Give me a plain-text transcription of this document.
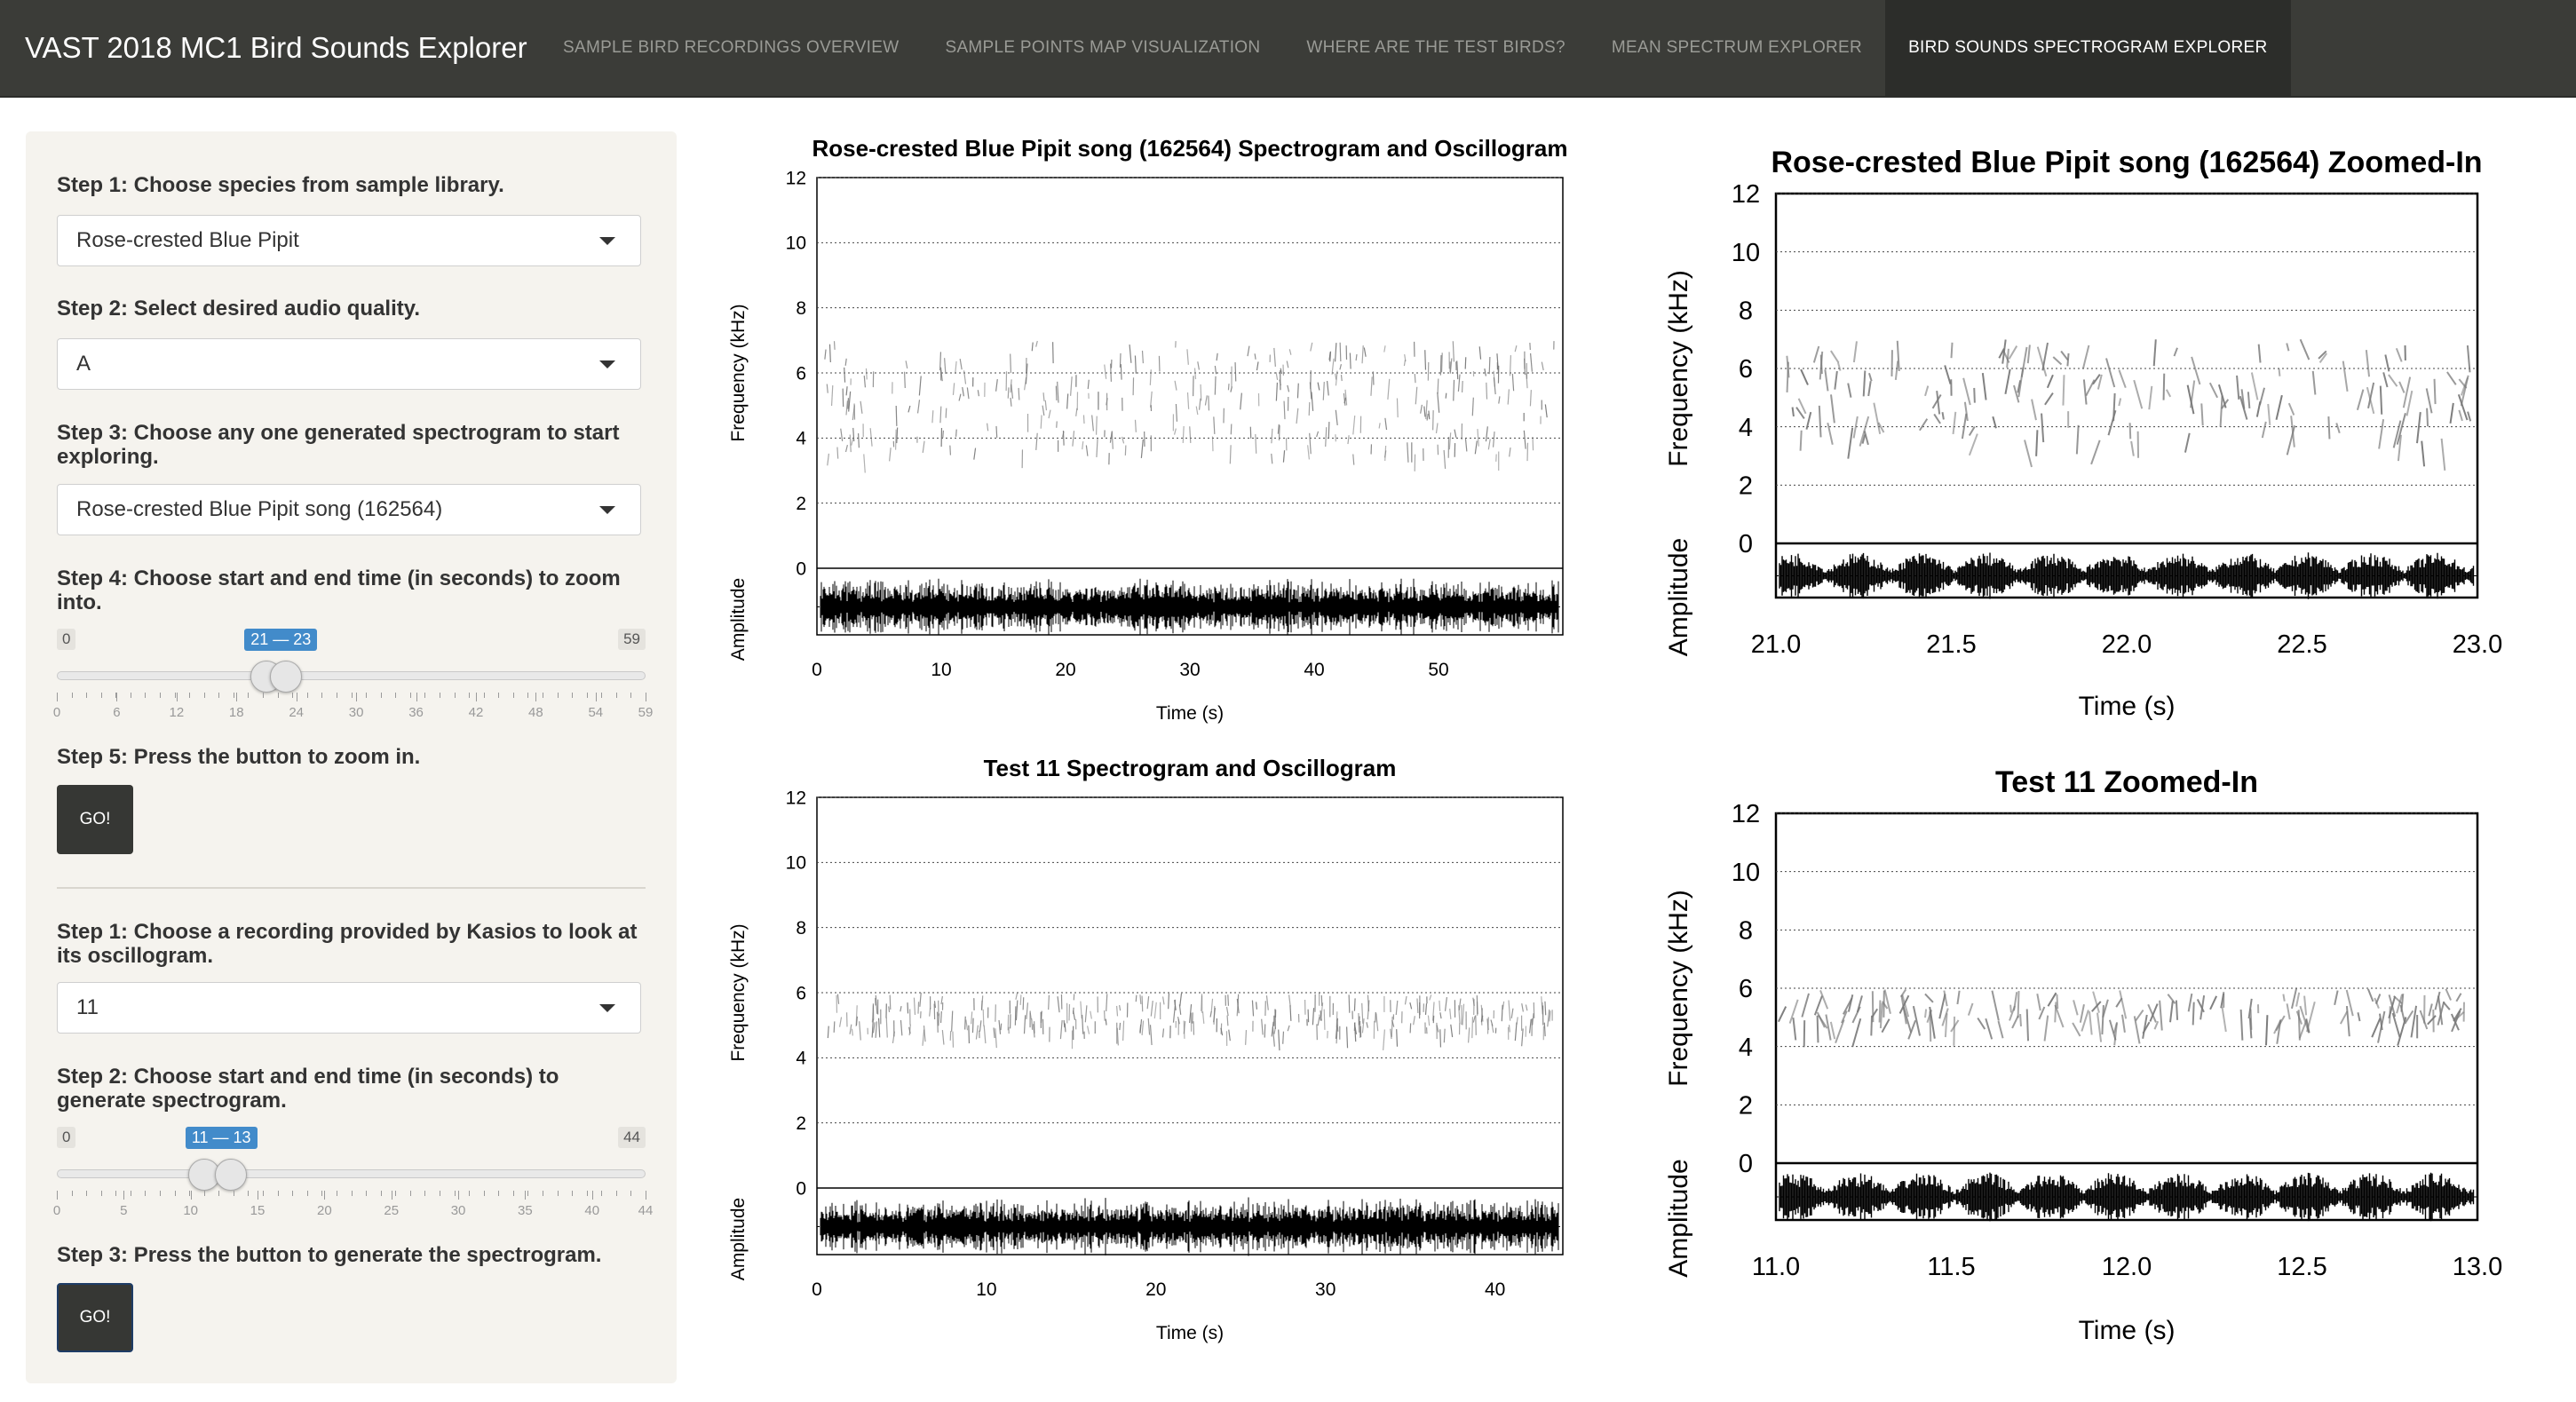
VAST 2018 MC1 Bird Sounds Explorer	SAMPLE BIRD RECORDINGS OVERVIEW	SAMPLE POINTS MAP VISUALIZATION	WHERE ARE THE TEST BIRDS?	MEAN SPECTRUM EXPLORER	BIRD SOUNDS SPECTROGRAM EXPLORER
Step 1: Choose species from sample library.
Rose-crested Blue Pipit
Step 2: Select desired audio quality.
A
Step 3: Choose any one generated spectrogram to start exploring.
Rose-crested Blue Pipit song (162564)
Step 4: Choose start and end time (in seconds) to zoom into.
0	59
21 — 23
0	6	12	18	24	30	36	42	48	54	59
Step 5: Press the button to zoom in.
GO!
Step 1: Choose a recording provided by Kasios to look at its oscillogram.
11
Step 2: Choose start and end time (in seconds) to generate spectrogram.
0	44
11 — 13
0	5	10	15	20	25	30	35	40	44
Step 3: Press the button to generate the spectrogram.
GO!
Rose-crested Blue Pipit song (162564) Spectrogram and Oscillogram
0
2
4
6
8
10
12
0	10	20	30	40	50
Time (s)
Frequency (kHz)
Amplitude
Rose-crested Blue Pipit song (162564) Zoomed-In
0
2
4
6
8
10
12
21.0	21.5	22.0	22.5	23.0
Time (s)
Frequency (kHz)
Amplitude
Test 11 Spectrogram and Oscillogram
0
2
4
6
8
10
12
0	10	20	30	40
Time (s)
Frequency (kHz)
Amplitude
Test 11 Zoomed-In
0
2
4
6
8
10
12
11.0	11.5	12.0	12.5	13.0
Time (s)
Frequency (kHz)
Amplitude
